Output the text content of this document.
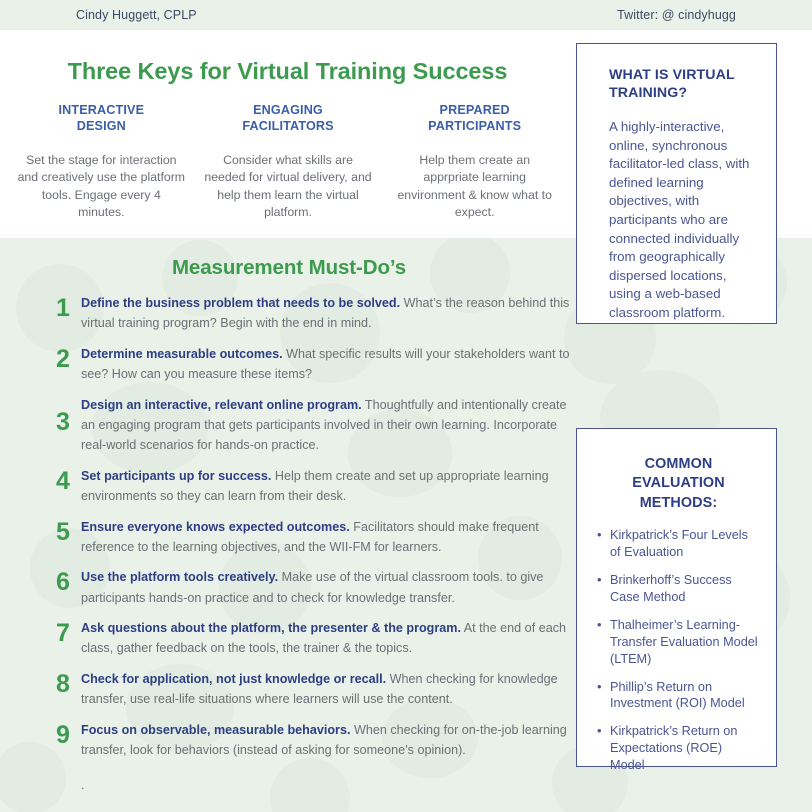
Cindy Huggett, CPLP	Twitter: @ cindyhugg
Three Keys for Virtual Training Success
INTERACTIVE
DESIGN
Set the stage for interaction and creatively use the platform tools. Engage every 4 minutes.
ENGAGING
FACILITATORS
Consider what skills are needed for virtual delivery, and help them learn the virtual platform.
PREPARED
PARTICIPANTS
Help them create an apprpriate learning environment & know what to expect.
Measurement Must-Do’s
1 Define the business problem that needs to be solved. What’s the reason behind this virtual training program? Begin with the end in mind.
2 Determine measurable outcomes. What specific results will your stakeholders want to see? How can you measure these items?
3
Design an interactive, relevant online program. Thoughtfully and intentionally create an engaging program that gets participants involved in their own learning. Incorporate real-world scenarios for hands-on practice.
4 Set participants up for success. Help them create and set up appropriate learning environments so they can learn from their desk.
5 Ensure everyone knows expected outcomes. Facilitators should make frequent reference to the learning objectives, and the WII-FM for learners.
6 Use the platform tools creatively. Make use of the virtual classroom tools. to give participants hands-on practice and to check for knowledge transfer.
7 Ask questions about the platform, the presenter & the program. At the end of each class, gather feedback on the tools, the trainer & the topics.
8 Check for application, not just knowledge or recall. When checking for knowledge transfer, use real-life situations where learners will use the content.
9 Focus on observable, measurable behaviors. When checking for on-the-job learning transfer, look for behaviors (instead of asking for someone’s opinion).
.
WHAT IS VIRTUAL TRAINING?
A highly-interactive, online, synchronous facilitator-led class, with defined learning objectives, with participants who are connected individually from geographically dispersed locations, using a web-based classroom platform.
COMMON EVALUATION METHODS:
• Kirkpatrick’s Four Levels of Evaluation
• Brinkerhoff’s Success Case Method
• Thalheimer’s Learning-Transfer Evaluation Model (LTEM)
• Phillip’s Return on Investment (ROI) Model
• Kirkpatrick’s Return on Expectations (ROE) Model
